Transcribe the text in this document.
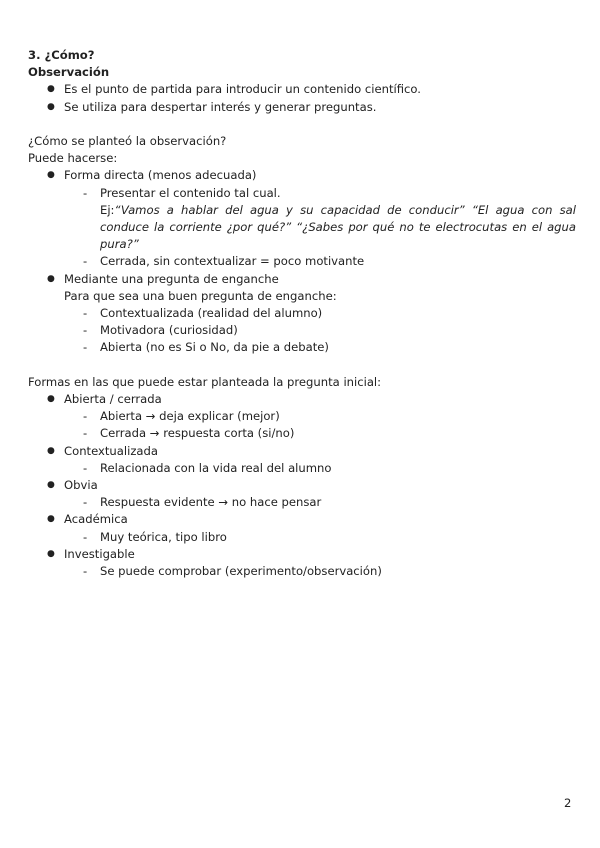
3. ¿Cómo?
Observación
● Es el punto de partida para introducir un contenido científico.
● Se utiliza para despertar interés y generar preguntas.
¿Cómo se planteó la observación?
Puede hacerse:
● Forma directa (menos adecuada)
- Presentar el contenido tal cual.
Ej:“Vamos a hablar del agua y su capacidad de conducir” “El agua con sal conduce la corriente ¿por qué?” “¿Sabes por qué no te electrocutas en el agua pura?”
- Cerrada, sin contextualizar = poco motivante
● Mediante una pregunta de enganche
Para que sea una buen pregunta de enganche:
- Contextualizada (realidad del alumno)
- Motivadora (curiosidad)
- Abierta (no es Si o No, da pie a debate)
Formas en las que puede estar planteada la pregunta inicial:
● Abierta / cerrada
- Abierta → deja explicar (mejor)
- Cerrada → respuesta corta (si/no)
● Contextualizada
- Relacionada con la vida real del alumno
● Obvia
- Respuesta evidente → no hace pensar
● Académica
- Muy teórica, tipo libro
● Investigable
- Se puede comprobar (experimento/observación)
2
